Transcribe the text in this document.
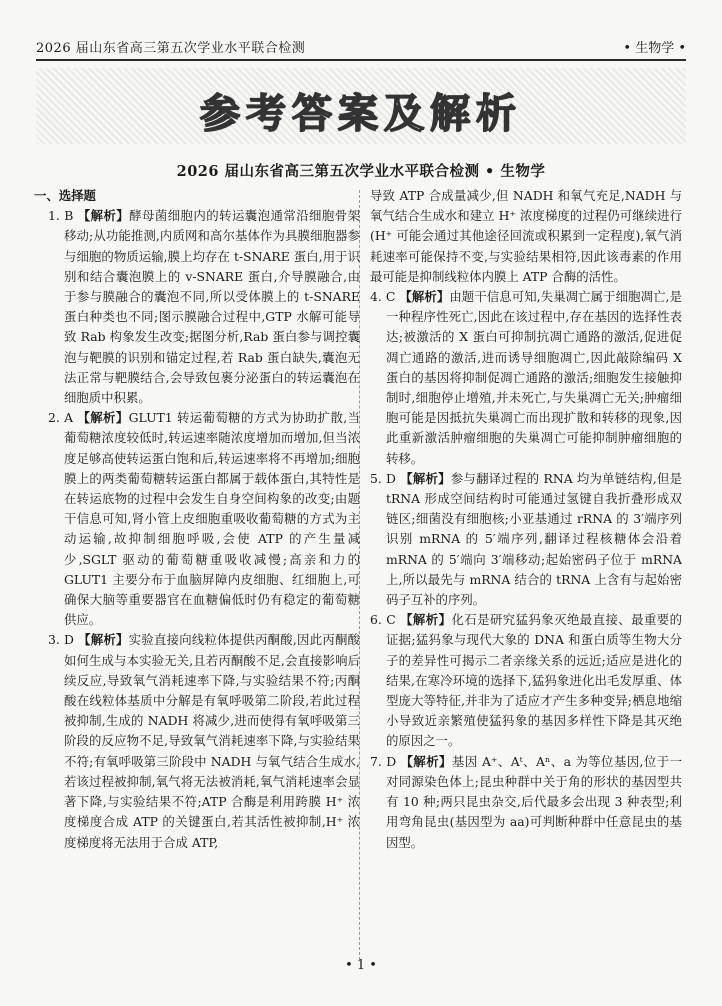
2026 届山东省高三第五次学业水平联合检测	• 生物学 •
参考答案及解析
2026 届山东省高三第五次学业水平联合检测 • 生物学
一、选择题

1. B 【解析】酵母菌细胞内的转运囊泡通常沿细胞骨架移动;从功能推测,内质网和高尔基体作为具膜细胞器参与细胞的物质运输,膜上均存在 t-SNARE 蛋白,用于识别和结合囊泡膜上的 v-SNARE 蛋白,介导膜融合,由于参与膜融合的囊泡不同,所以受体膜上的 t-SNARE 蛋白种类也不同;图示膜融合过程中,GTP 水解可能导致 Rab 构象发生改变;据图分析,Rab 蛋白参与调控囊泡与靶膜的识别和锚定过程,若 Rab 蛋白缺失,囊泡无法正常与靶膜结合,会导致包裹分泌蛋白的转运囊泡在细胞质中积累。

2. A 【解析】GLUT1 转运葡萄糖的方式为协助扩散,当葡萄糖浓度较低时,转运速率随浓度增加而增加,但当浓度足够高使转运蛋白饱和后,转运速率将不再增加;细胞膜上的两类葡萄糖转运蛋白都属于载体蛋白,其特性是在转运底物的过程中会发生自身空间构象的改变;由题干信息可知,肾小管上皮细胞重吸收葡萄糖的方式为主动运输,故抑制细胞呼吸,会使 ATP 的产生量减少,SGLT 驱动的葡萄糖重吸收减慢;高亲和力的 GLUT1 主要分布于血脑屏障内皮细胞、红细胞上,可确保大脑等重要器官在血糖偏低时仍有稳定的葡萄糖供应。

3. D 【解析】实验直接向线粒体提供丙酮酸,因此丙酮酸如何生成与本实验无关,且若丙酮酸不足,会直接影响后续反应,导致氧气消耗速率下降,与实验结果不符;丙酮酸在线粒体基质中分解是有氧呼吸第二阶段,若此过程被抑制,生成的 NADH 将减少,进而使得有氧呼吸第三阶段的反应物不足,导致氧气消耗速率下降,与实验结果不符;有氧呼吸第三阶段中 NADH 与氧气结合生成水,若该过程被抑制,氧气将无法被消耗,氧气消耗速率会显著下降,与实验结果不符;ATP 合酶是利用跨膜 H⁺ 浓度梯度合成 ATP 的关键蛋白,若其活性被抑制,H⁺ 浓度梯度将无法用于合成 ATP,

导致 ATP 合成量减少,但 NADH 和氧气充足,NADH 与氧气结合生成水和建立 H⁺ 浓度梯度的过程仍可继续进行(H⁺ 可能会通过其他途径回流或积累到一定程度),氧气消耗速率可能保持不变,与实验结果相符,因此该毒素的作用最可能是抑制线粒体内膜上 ATP 合酶的活性。

4. C 【解析】由题干信息可知,失巢凋亡属于细胞凋亡,是一种程序性死亡,因此在该过程中,存在基因的选择性表达;被激活的 X 蛋白可抑制抗凋亡通路的激活,促进促凋亡通路的激活,进而诱导细胞凋亡,因此敲除编码 X 蛋白的基因将抑制促凋亡通路的激活;细胞发生接触抑制时,细胞停止增殖,并未死亡,与失巢凋亡无关;肿瘤细胞可能是因抵抗失巢凋亡而出现扩散和转移的现象,因此重新激活肿瘤细胞的失巢凋亡可能抑制肿瘤细胞的转移。

5. D 【解析】参与翻译过程的 RNA 均为单链结构,但是 tRNA 形成空间结构时可能通过氢键自我折叠形成双链区;细菌没有细胞核;小亚基通过 rRNA 的 3′端序列识别 mRNA 的 5′端序列,翻译过程核糖体会沿着 mRNA 的 5′端向 3′端移动;起始密码子位于 mRNA 上,所以最先与 mRNA 结合的 tRNA 上含有与起始密码子互补的序列。

6. C 【解析】化石是研究猛犸象灭绝最直接、最重要的证据;猛犸象与现代大象的 DNA 和蛋白质等生物大分子的差异性可揭示二者亲缘关系的远近;适应是进化的结果,在寒冷环境的选择下,猛犸象进化出毛发厚重、体型庞大等特征,并非为了适应才产生多种变异;栖息地缩小导致近亲繁殖使猛犸象的基因多样性下降是其灭绝的原因之一。

7. D 【解析】基因 A⁺、Aᵗ、Aⁿ、a 为等位基因,位于一对同源染色体上;昆虫种群中关于角的形状的基因型共有 10 种;两只昆虫杂交,后代最多会出现 3 种表型;利用弯角昆虫(基因型为 aa)可判断种群中任意昆虫的基因型。

• 1 •
